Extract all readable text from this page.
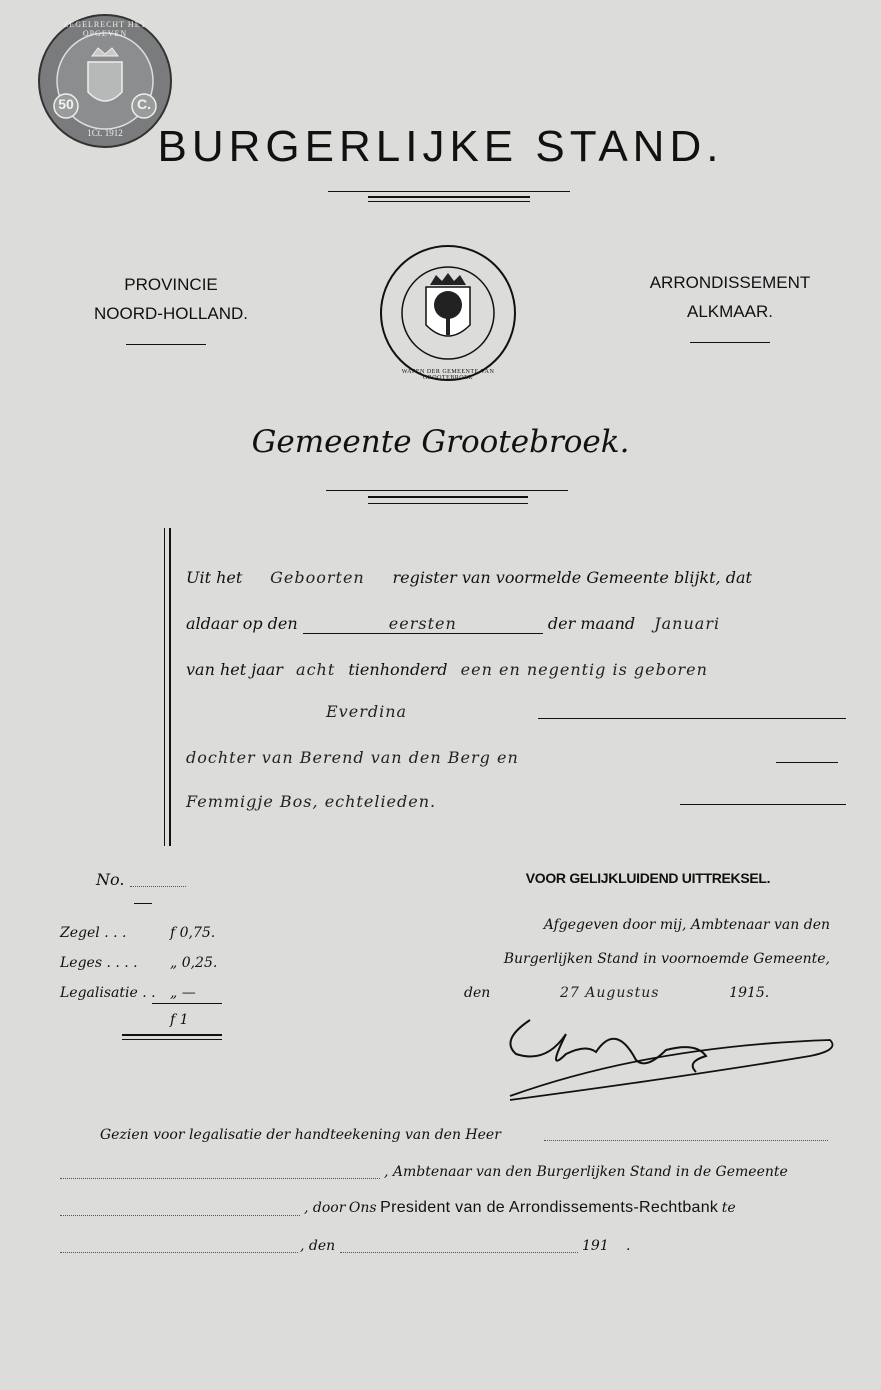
50	C.
ZEGELRECHT HET OPGEVEN
1Ct. 1912 BURGERLIJKE STAND.
PROVINCIE
NOORD-HOLLAND.
ARRONDISSEMENT
ALKMAAR.
WAPEN DER GEMEENTE VAN GROOTEBROEK
Gemeente Grootebroek.
Uit het Geboorten register van voormelde Gemeente blijkt, dat
aldaar op den	eersten	der maand Januari
van het jaar acht tienhonderd een en negentig is geboren
Everdina
dochter van Berend van den Berg en
Femmigje Bos, echtelieden.
No.
Zegel . . .	f 0,75.
Leges . . . . „ 0,25.
Legalisatie . . „ —
f 1
VOOR GELIJKLUIDEND UITTREKSEL.
Afgegeven door mij, Ambtenaar van den
Burgerlijken Stand in voornoemde Gemeente,
den	27 Augustus	1915.
Gezien voor legalisatie der handteekening van den Heer
, Ambtenaar van den Burgerlijken Stand in de Gemeente
, door Ons President van de Arrondissements-Rechtbank te
, den	191 .
